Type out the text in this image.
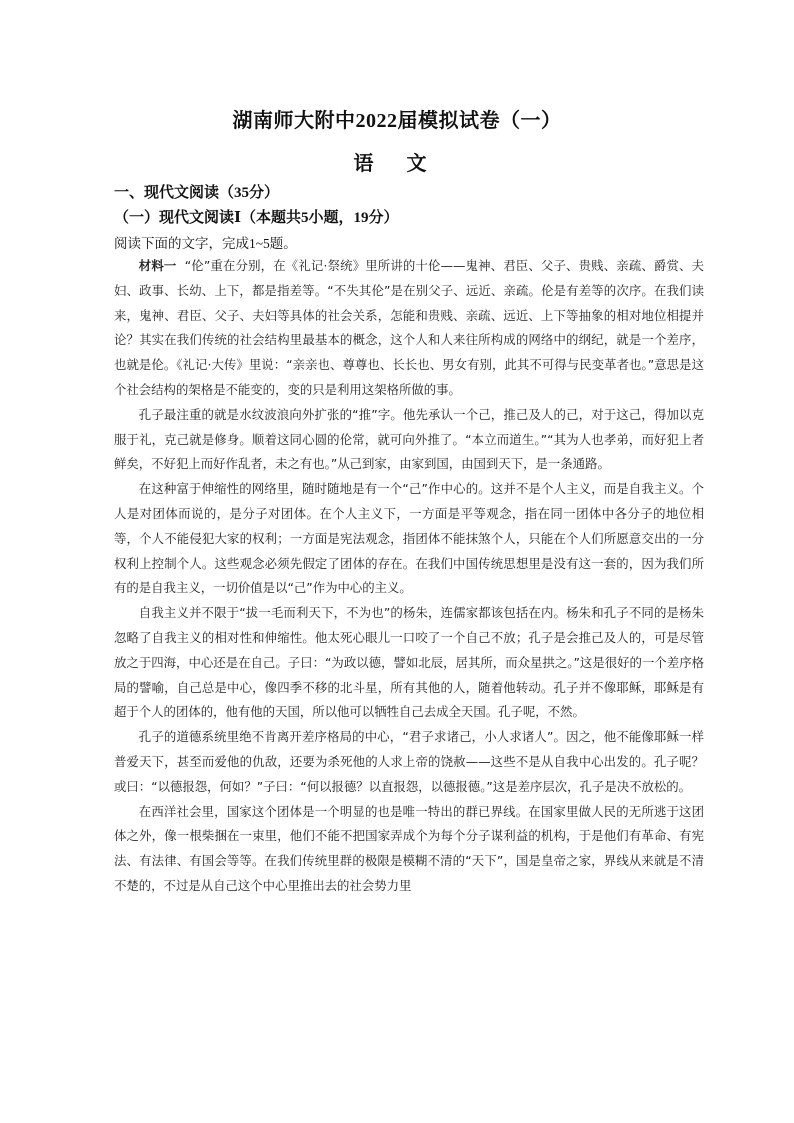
湖南师大附中2022届模拟试卷（一）
语 文
一、现代文阅读（35分）
（一）现代文阅读Ⅰ（本题共5小题，19分）
阅读下面的文字，完成1~5题。

材料一 “伦”重在分别，在《礼记·祭统》里所讲的十伦——鬼神、君臣、父子、贵贱、亲疏、爵赏、夫妇、政事、长幼、上下，都是指差等。“不失其伦”是在别父子、远近、亲疏。伦是有差等的次序。在我们读来，鬼神、君臣、父子、夫妇等具体的社会关系，怎能和贵贱、亲疏、远近、上下等抽象的相对地位相提并论？其实在我们传统的社会结构里最基本的概念，这个人和人来往所构成的网络中的纲纪，就是一个差序，也就是伦。《礼记·大传》里说：“亲亲也、尊尊也、长长也、男女有别，此其不可得与民变革者也。”意思是这个社会结构的架格是不能变的，变的只是利用这架格所做的事。

孔子最注重的就是水纹波浪向外扩张的“推”字。他先承认一个己，推己及人的己，对于这己，得加以克服于礼，克己就是修身。顺着这同心圆的伦常，就可向外推了。“本立而道生。”“其为人也孝弟，而好犯上者鲜矣，不好犯上而好作乱者，未之有也。”从己到家，由家到国，由国到天下，是一条通路。

在这种富于伸缩性的网络里，随时随地是有一个“己”作中心的。这并不是个人主义，而是自我主义。个人是对团体而说的，是分子对团体。在个人主义下，一方面是平等观念，指在同一团体中各分子的地位相等，个人不能侵犯大家的权利；一方面是宪法观念，指团体不能抹煞个人，只能在个人们所愿意交出的一分权利上控制个人。这些观念必须先假定了团体的存在。在我们中国传统思想里是没有这一套的，因为我们所有的是自我主义，一切价值是以“己”作为中心的主义。

自我主义并不限于“拔一毛而利天下，不为也”的杨朱，连儒家都该包括在内。杨朱和孔子不同的是杨朱忽略了自我主义的相对性和伸缩性。他太死心眼儿一口咬了一个自己不放；孔子是会推己及人的，可是尽管放之于四海，中心还是在自己。子曰：“为政以德，譬如北辰，居其所，而众星拱之。”这是很好的一个差序格局的譬喻，自己总是中心，像四季不移的北斗星，所有其他的人，随着他转动。孔子并不像耶稣，耶稣是有超于个人的团体的，他有他的天国，所以他可以牺牲自己去成全天国。孔子呢，不然。

孔子的道德系统里绝不肯离开差序格局的中心，“君子求诸己，小人求诸人”。因之，他不能像耶稣一样普爱天下，甚至而爱他的仇敌，还要为杀死他的人求上帝的饶赦——这些不是从自我中心出发的。孔子呢？或曰：“以德报怨，何如？”子曰：“何以报德？以直报怨，以德报德。”这是差序层次，孔子是决不放松的。

在西洋社会里，国家这个团体是一个明显的也是唯一特出的群已界线。在国家里做人民的无所逃于这团体之外，像一根柴捆在一束里，他们不能不把国家弄成个为每个分子谋利益的机构，于是他们有革命、有宪法、有法律、有国会等等。在我们传统里群的极限是模糊不清的“天下”，国是皇帝之家，界线从来就是不清不楚的，不过是从自己这个中心里推出去的社会势力里
